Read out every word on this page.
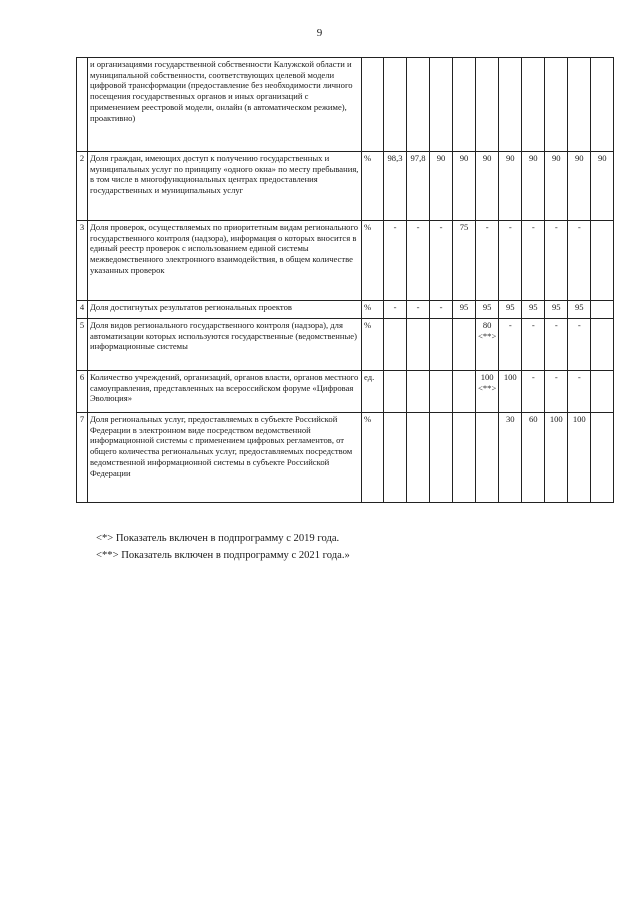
9
	и организациями государственной собственности Калужской области и муниципальной собственности, соответствующих целевой модели цифровой трансформации (предоставление без необходимости личного посещения государственных органов и иных организаций с применением реестровой модели, онлайн (в автоматическом режиме), проактивно)											
2	Доля граждан, имеющих доступ к получению государственных и муниципальных услуг по принципу «одного окна» по месту пребывания, в том числе в многофункциональных центрах предоставления государственных и муниципальных услуг	%	98,3	97,8	90	90	90	90	90	90	90	90
3	Доля проверок, осуществляемых по приоритетным видам регионального государственного контроля (надзора), информация о которых вносится в единый реестр проверок с использованием единой системы межведомственного электронного взаимодействия, в общем количестве указанных проверок	%	-	-	-	75	-	-	-	-	-	
4	Доля достигнутых результатов региональных проектов	%	-	-	-	95	95	95	95	95	95	
5	Доля видов регионального государственного контроля (надзора), для автоматизации которых используются государственные (ведомственные) информационные системы	%					80 <**>	-	-	-	-	
6	Количество учреждений, организаций, органов власти, органов местного самоуправления, представленных на всероссийском форуме «Цифровая Эволюция»	ед.					100 <**>	100	-	-	-	
7	Доля региональных услуг, предоставляемых в субъекте Российской Федерации в электронном виде посредством ведомственной информационной системы с применением цифровых регламентов, от общего количества региональных услуг, предоставляемых посредством ведомственной информационной системы в субъекте Российской Федерации	%						30	60	100	100	
<*> Показатель включен в подпрограмму с 2019 года.
<**> Показатель включен в подпрограмму с 2021 года.»
